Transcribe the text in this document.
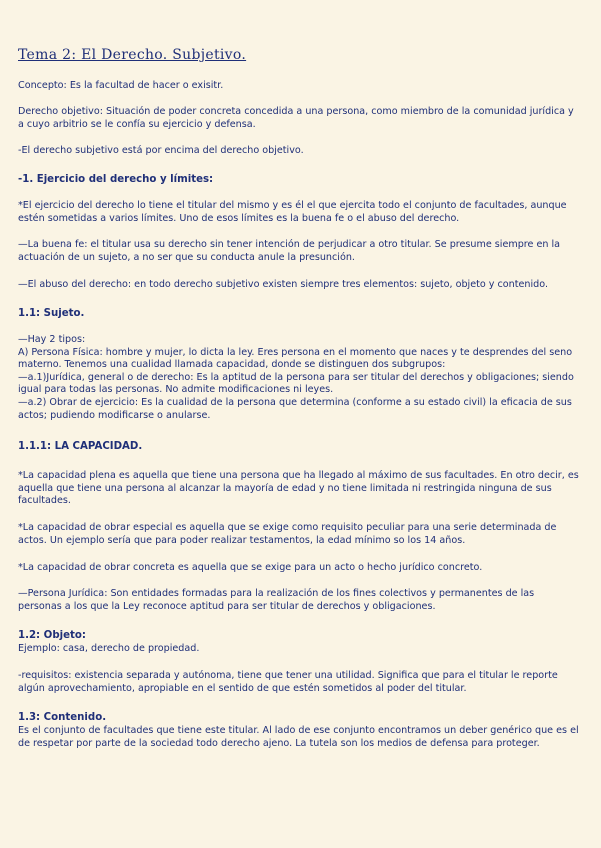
Tema 2: El Derecho. Subjetivo.

Concepto: Es la facultad de hacer o exisitr.

Derecho objetivo: Situación de poder concreta concedida a una persona, como miembro de la comunidad jurídica y a cuyo arbitrio se le confía su ejercicio y defensa.

-El derecho subjetivo está por encima del derecho objetivo.

-1. Ejercicio del derecho y límites:

*El ejercicio del derecho lo tiene el titular del mismo y es él el que ejercita todo el conjunto de facultades, aunque estén sometidas a varios límites. Uno de esos límites es la buena fe o el abuso del derecho.

—La buena fe: el titular usa su derecho sin tener intención de perjudicar a otro titular. Se presume siempre en la actuación de un sujeto, a no ser que su conducta anule la presunción.

—El abuso del derecho: en todo derecho subjetivo existen siempre tres elementos: sujeto, objeto y contenido.

1.1: Sujeto.

—Hay 2 tipos:
A) Persona Física: hombre y mujer, lo dicta la ley. Eres persona en el momento que naces y te desprendes del seno materno. Tenemos una cualidad llamada capacidad, donde se distinguen dos subgrupos:
—a.1)Jurídica, general o de derecho: Es la aptitud de la persona para ser titular del derechos y obligaciones; siendo igual para todas las personas. No admite modificaciones ni leyes.
—a.2) Obrar de ejercicio: Es la cualidad de la persona que determina (conforme a su estado civil) la eficacia de sus actos; pudiendo modificarse o anularse.

1.1.1: LA CAPACIDAD.

*La capacidad plena es aquella que tiene una persona que ha llegado al máximo de sus facultades. En otro decir, es aquella que tiene una persona al alcanzar la mayoría de edad y no tiene limitada ni restringida ninguna de sus facultades.

*La capacidad de obrar especial es aquella que se exige como requisito peculiar para una serie determinada de actos. Un ejemplo sería que para poder realizar testamentos, la edad mínimo so los 14 años.

*La capacidad de obrar concreta es aquella que se exige para un acto o hecho jurídico concreto.

—Persona Jurídica: Son entidades formadas para la realización de los fines colectivos y permanentes de las personas a los que la Ley reconoce aptitud para ser titular de derechos y obligaciones.

1.2: Objeto:

Ejemplo: casa, derecho de propiedad.

-requisitos: existencia separada y autónoma, tiene que tener una utilidad. Significa que para el titular le reporte algún aprovechamiento, apropiable en el sentido de que estén sometidos al poder del titular.

1.3: Contenido.

Es el conjunto de facultades que tiene este titular. Al lado de ese conjunto encontramos un deber genérico que es el de respetar por parte de la sociedad todo derecho ajeno. La tutela son los medios de defensa para proteger.
